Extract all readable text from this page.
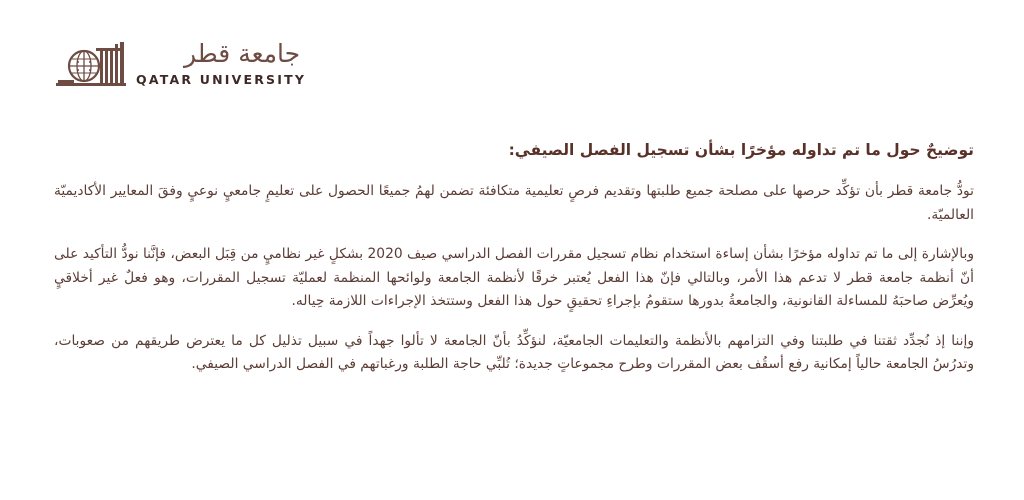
جامعة قطر
QATAR UNIVERSITY
توضيحٌ حول ما تم تداوله مؤخرًا بشأن تسجيل الفصل الصيفي:

تودُّ جامعة قطر بأن تؤكِّد حرصها على مصلحة جميع طلبتها وتقديم فرصٍ تعليمية متكافئة تضمن لهمُ جميعًا الحصول على تعليمٍ جامعيٍ نوعيٍ وفقَ المعايير الأكاديميّة العالميّة.

وبالإشارة إلى ما تم تداوله مؤخرًا بشأن إساءة استخدام نظام تسجيل مقررات الفصل الدراسي صيف 2020 بشكلٍ غير نظاميٍ من قِبَل البعض، فإنَّنا نودُّ التأكيد على أنّ أنظمة جامعة قطر لا تدعم هذا الأمر، وبالتالي فإنّ هذا الفعل يُعتبر خرقًا لأنظمة الجامعة ولوائحها المنظمة لعمليّة تسجيل المقررات، وهو فعلٌ غير أخلاقيٍ ويُعرِّض صاحبَهُ للمساءلة القانونية، والجامعةُ بدورها ستقومُ بإجراءِ تحقيقٍ حول هذا الفعل وستتخذ الإجراءات اللازمة حِياله.

وإننا إذ نُجدِّد ثقتنا في طلبتنا وفي التزامهم بالأنظمة والتعليمات الجامعيّة، لنؤكِّدُ بأنّ الجامعة لا تألوا جهداً في سبيل تذليل كل ما يعترض طريقهم من صعوبات، وتدرُسُ الجامعة حالياً إمكانية رفع أسقُف بعض المقررات وطرح مجموعاتٍ جديدة؛ تُلبِّي حاجة الطلبة ورغباتهم في الفصل الدراسي الصيفي.
